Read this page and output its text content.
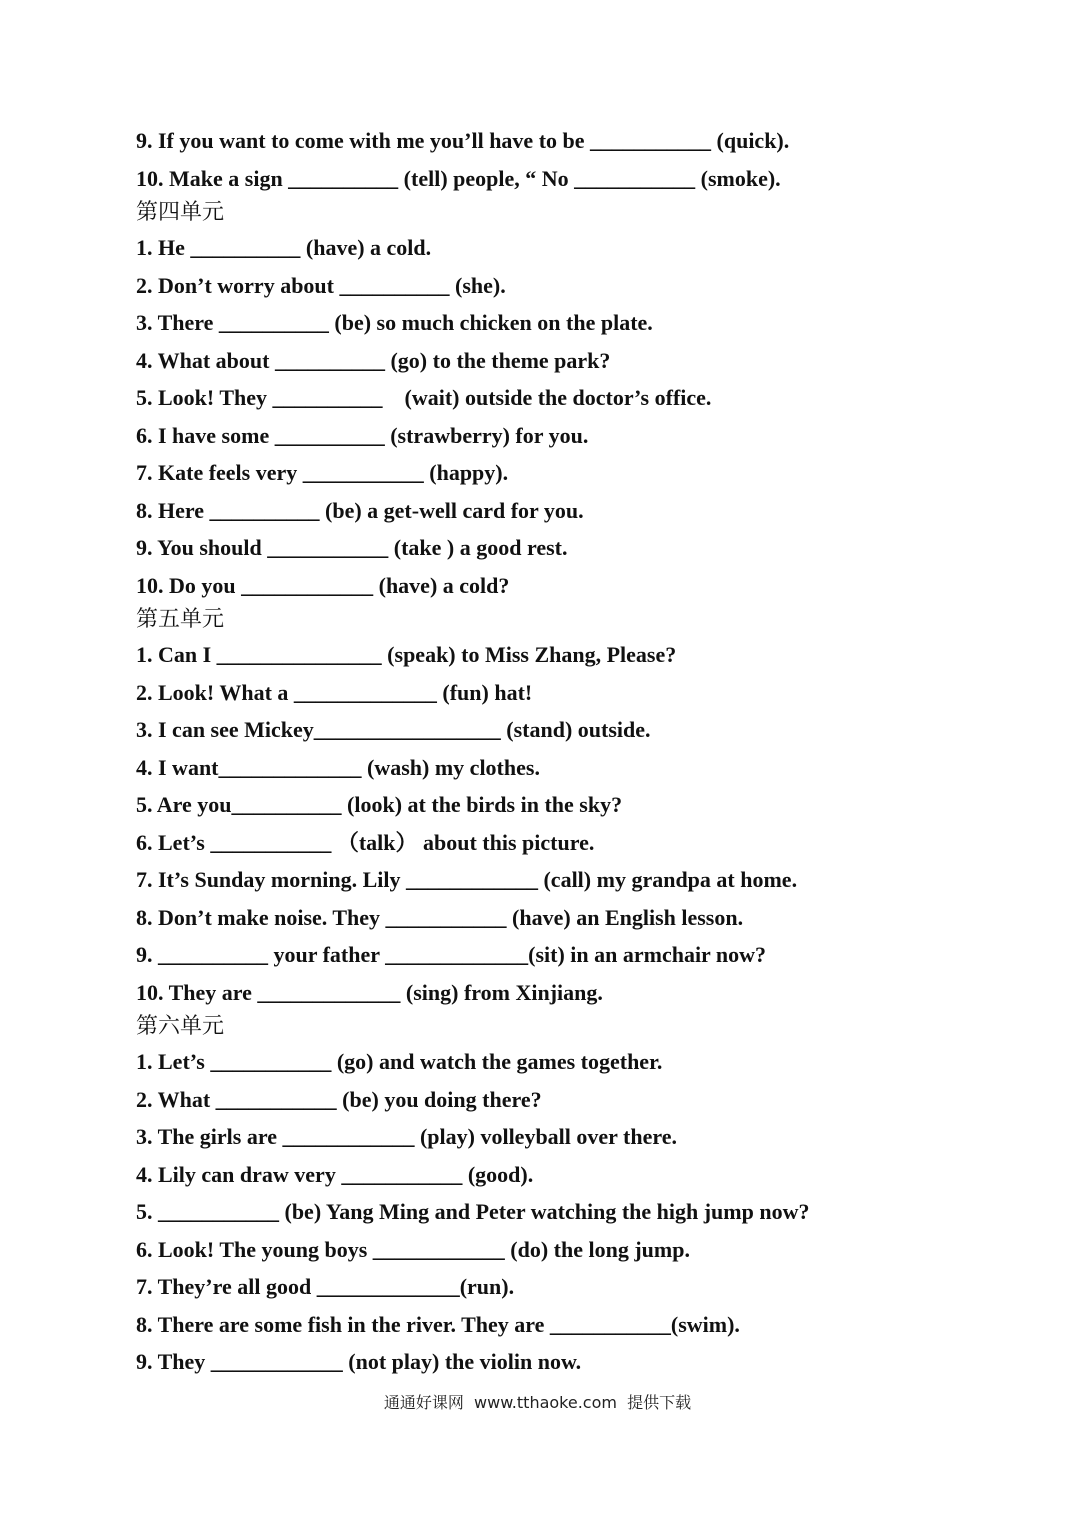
9. If you want to come with me you’ll have to be ___________ (quick).
10. Make a sign __________ (tell) people, “ No ___________ (smoke).
第四单元
1. He __________ (have) a cold.
2. Don’t worry about __________ (she).
3. There __________ (be) so much chicken on the plate.
4. What about __________ (go) to the theme park?
5. Look! They __________    (wait) outside the doctor’s office.
6. I have some __________ (strawberry) for you.
7. Kate feels very ___________ (happy).
8. Here __________ (be) a get-well card for you.
9. You should ___________ (take ) a good rest.
10. Do you ____________ (have) a cold?
第五单元
1. Can I _______________ (speak) to Miss Zhang, Please?
2. Look! What a _____________ (fun) hat!
3. I can see Mickey_________________ (stand) outside.
4. I want_____________ (wash) my clothes.
5. Are you__________ (look) at the birds in the sky?
6. Let’s ___________ （talk） about this picture.
7. It’s Sunday morning. Lily ____________ (call) my grandpa at home.
8. Don’t make noise. They ___________ (have) an English lesson.
9. __________ your father _____________(sit) in an armchair now?
10. They are _____________ (sing) from Xinjiang.
第六单元
1. Let’s ___________ (go) and watch the games together.
2. What ___________ (be) you doing there?
3. The girls are ____________ (play) volleyball over there.
4. Lily can draw very ___________ (good).
5. ___________ (be) Yang Ming and Peter watching the high jump now?
6. Look! The young boys ____________ (do) the long jump.
7. They’re all good _____________(run).
8. There are some fish in the river. They are ___________(swim).
9. They ____________ (not play) the violin now.
通通好课网  www.tthaoke.com  提供下载
